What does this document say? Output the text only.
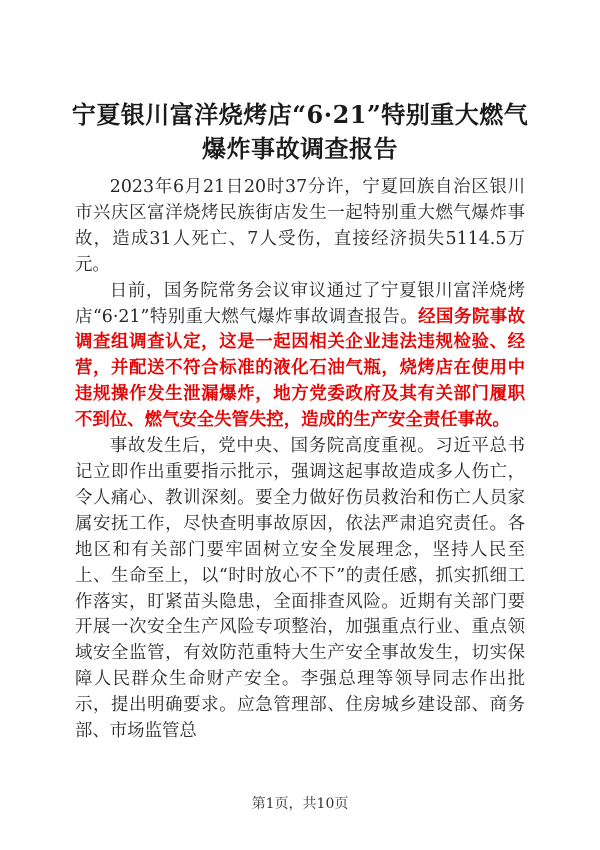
宁夏银川富洋烧烤店“6·21”特别重大燃气爆炸事故调查报告

2023年6月21日20时37分许，宁夏回族自治区银川市兴庆区富洋烧烤民族街店发生一起特别重大燃气爆炸事故，造成31人死亡、7人受伤，直接经济损失5114.5万元。

日前，国务院常务会议审议通过了宁夏银川富洋烧烤店“6·21”特别重大燃气爆炸事故调查报告。经国务院事故调查组调查认定，这是一起因相关企业违法违规检验、经营，并配送不符合标准的液化石油气瓶，烧烤店在使用中违规操作发生泄漏爆炸，地方党委政府及其有关部门履职不到位、燃气安全失管失控，造成的生产安全责任事故。

事故发生后，党中央、国务院高度重视。习近平总书记立即作出重要指示批示，强调这起事故造成多人伤亡，令人痛心、教训深刻。要全力做好伤员救治和伤亡人员家属安抚工作，尽快查明事故原因，依法严肃追究责任。各地区和有关部门要牢固树立安全发展理念，坚持人民至上、生命至上，以“时时放心不下”的责任感，抓实抓细工作落实，盯紧苗头隐患，全面排查风险。近期有关部门要开展一次安全生产风险专项整治，加强重点行业、重点领域安全监管，有效防范重特大生产安全事故发生，切实保障人民群众生命财产安全。李强总理等领导同志作出批示，提出明确要求。应急管理部、住房城乡建设部、商务部、市场监管总

第1页，共10页
